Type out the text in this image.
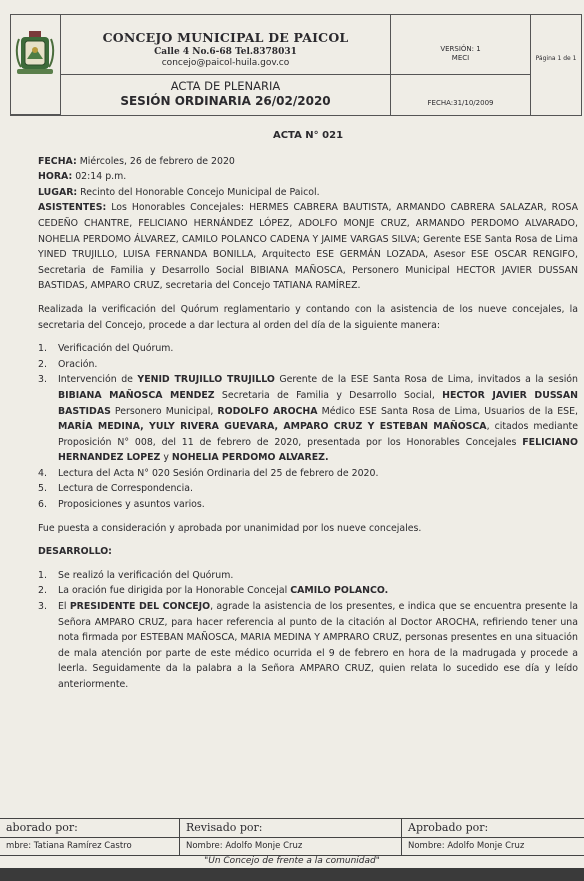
CONCEJO MUNICIPAL DE PAICOL
Calle 4 No.6-68 Tel.8378031
concejo@paicol-huila.gov.co
ACTA DE PLENARIA
SESIÓN ORDINARIA 26/02/2020
VERSIÓN: 1
MECI
FECHA:31/10/2009
Página 1 de 1
ACTA N° 021

FECHA: Miércoles, 26 de febrero de 2020

HORA: 02:14 p.m.

LUGAR: Recinto del Honorable Concejo Municipal de Paicol.

ASISTENTES: Los Honorables Concejales: HERMES CABRERA BAUTISTA, ARMANDO CABRERA SALAZAR, ROSA CEDEÑO CHANTRE, FELICIANO HERNÁNDEZ LÓPEZ, ADOLFO MONJE CRUZ, ARMANDO PERDOMO ALVARADO, NOHELIA PERDOMO ÁLVAREZ, CAMILO POLANCO CADENA Y JAIME VARGAS SILVA; Gerente ESE Santa Rosa de Lima YINED TRUJILLO, LUISA FERNANDA BONILLA, Arquitecto ESE GERMÁN LOZADA, Asesor ESE OSCAR RENGIFO, Secretaria de Familia y Desarrollo Social BIBIANA MAÑOSCA, Personero Municipal HECTOR JAVIER DUSSAN BASTIDAS, AMPARO CRUZ, secretaria del Concejo TATIANA RAMÍREZ.

Realizada la verificación del Quórum reglamentario y contando con la asistencia de los nueve concejales, la secretaria del Concejo, procede a dar lectura al orden del día de la siguiente manera:

1.	Verificación del Quórum.
2.	Oración.
3.	Intervención de YENID TRUJILLO TRUJILLO Gerente de la ESE Santa Rosa de Lima, invitados a la sesión BIBIANA MAÑOSCA MENDEZ Secretaria de Familia y Desarrollo Social, HECTOR JAVIER DUSSAN BASTIDAS Personero Municipal, RODOLFO AROCHA Médico ESE Santa Rosa de Lima, Usuarios de la ESE, MARÍA MEDINA, YULY RIVERA GUEVARA, AMPARO CRUZ Y ESTEBAN MAÑOSCA, citados mediante Proposición N° 008, del 11 de febrero de 2020, presentada por los Honorables Concejales FELICIANO HERNANDEZ LOPEZ y NOHELIA PERDOMO ALVAREZ.
4.	Lectura del Acta N° 020 Sesión Ordinaria del 25 de febrero de 2020.
5.	Lectura de Correspondencia.
6.	Proposiciones y asuntos varios.

Fue puesta a consideración y aprobada por unanimidad por los nueve concejales.

DESARROLLO:

1.	Se realizó la verificación del Quórum.
2.	La oración fue dirigida por la Honorable Concejal CAMILO POLANCO.
3.	El PRESIDENTE DEL CONCEJO, agrade la asistencia de los presentes, e indica que se encuentra presente la Señora AMPARO CRUZ, para hacer referencia al punto de la citación al Doctor AROCHA, refiriendo tener una nota firmada por ESTEBAN MAÑOSCA, MARIA MEDINA Y AMPRARO CRUZ, personas presentes en una situación de mala atención por parte de este médico ocurrida el 9 de febrero en hora de la madrugada y procede a leerla. Seguidamente da la palabra a la Señora AMPARO CRUZ, quien relata lo sucedido ese día y leído anteriormente.
aborado por:
mbre: Tatiana Ramírez Castro
Revisado por:
Nombre: Adolfo Monje Cruz
Aprobado por:
Nombre: Adolfo Monje Cruz
"Un Concejo de frente a la comunidad"
